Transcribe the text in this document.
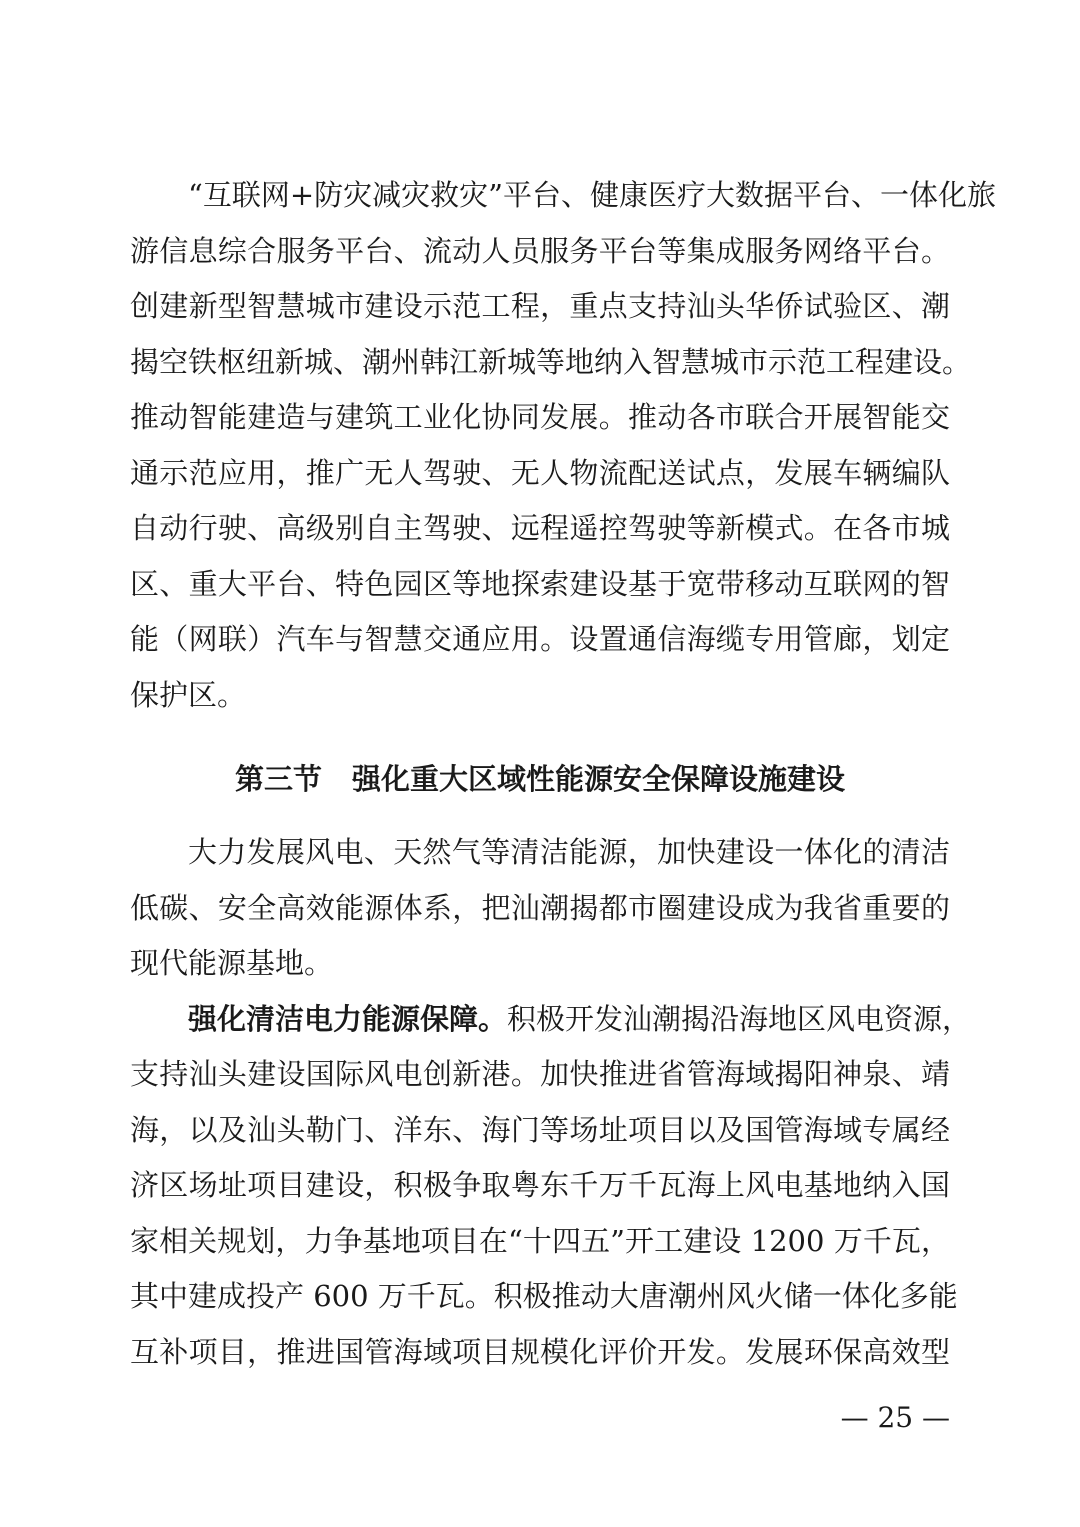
“互联网+防灾减灾救灾”平台、健康医疗大数据平台、一体化旅
游信息综合服务平台、流动人员服务平台等集成服务网络平台。
创建新型智慧城市建设示范工程，重点支持汕头华侨试验区、潮
揭空铁枢纽新城、潮州韩江新城等地纳入智慧城市示范工程建设。
推动智能建造与建筑工业化协同发展。推动各市联合开展智能交
通示范应用，推广无人驾驶、无人物流配送试点，发展车辆编队
自动行驶、高级别自主驾驶、远程遥控驾驶等新模式。在各市城
区、重大平台、特色园区等地探索建设基于宽带移动互联网的智
能（网联）汽车与智慧交通应用。设置通信海缆专用管廊，划定
保护区。
第三节 强化重大区域性能源安全保障设施建设
大力发展风电、天然气等清洁能源，加快建设一体化的清洁
低碳、安全高效能源体系，把汕潮揭都市圈建设成为我省重要的
现代能源基地。
强化清洁电力能源保障。积极开发汕潮揭沿海地区风电资源，
支持汕头建设国际风电创新港。加快推进省管海域揭阳神泉、靖
海，以及汕头勒门、洋东、海门等场址项目以及国管海域专属经
济区场址项目建设，积极争取粤东千万千瓦海上风电基地纳入国
家相关规划，力争基地项目在“十四五”开工建设 1200 万千瓦，
其中建成投产 600 万千瓦。积极推动大唐潮州风火储一体化多能
互补项目，推进国管海域项目规模化评价开发。发展环保高效型
— 25 —
